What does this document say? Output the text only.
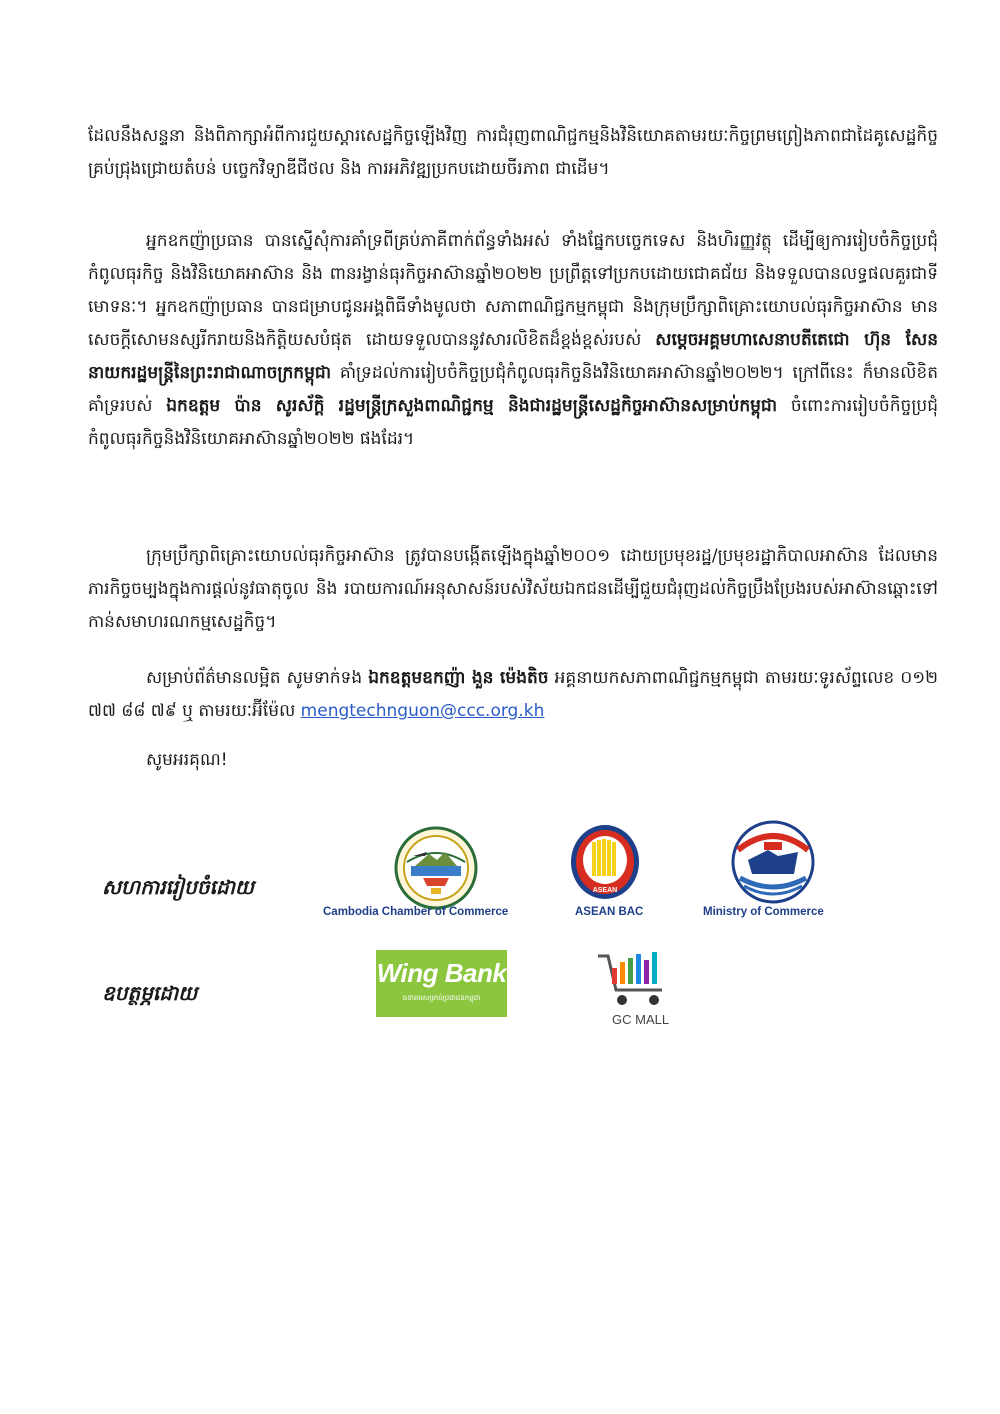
ដែលនឹងសន្ទនា និងពិភាក្សាអំពីការជួយស្តារសេដ្ឋកិច្ចឡើងវិញ ការជំរុញពាណិជ្ជកម្មនិងវិនិយោគតាមរយៈកិច្ចព្រមព្រៀងភាពជាដៃគូសេដ្ឋកិច្ចគ្រប់ជ្រុងជ្រោយតំបន់ បច្ចេកវិទ្យាឌីជីថល និង ការអភិវឌ្ឍប្រកបដោយចីរភាព ជាដើម។

អ្នកឧកញ៉ាប្រធាន បានស្នើសុំការគាំទ្រពីគ្រប់ភាគីពាក់ព័ន្ធទាំងអស់ ទាំងផ្នែកបច្ចេកទេស និងហិរញ្ញវត្ថុ ដើម្បីឲ្យការរៀបចំកិច្ចប្រជុំកំពូលធុរកិច្ច និងវិនិយោគអាស៊ាន និង ពានរង្វាន់ធុរកិច្ចអាស៊ានឆ្នាំ២០២២ ប្រព្រឹត្តទៅប្រកបដោយជោគជ័យ និងទទួលបានលទ្ធផលគួរជាទីមោទនៈ។ អ្នកឧកញ៉ាប្រធាន បានជម្រាបជូនអង្គពិធីទាំងមូលថា សភាពាណិជ្ជកម្មកម្ពុជា និងក្រុមប្រឹក្សាពិគ្រោះយោបល់ធុរកិច្ចអាស៊ាន មានសេចក្តីសោមនស្សរីករាយនិងកិត្តិយសបំផុត ដោយទទួលបាននូវសារលិខិតដ៏ខ្ពង់ខ្ពស់របស់ សម្តេចអគ្គមហាសេនាបតីតេជោ ហ៊ុន សែន នាយករដ្ឋមន្ត្រីនៃព្រះរាជាណាចក្រកម្ពុជា គាំទ្រដល់ការរៀបចំកិច្ចប្រជុំកំពូលធុរកិច្ចនិងវិនិយោគអាស៊ានឆ្នាំ២០២២។ ក្រៅពីនេះ ក៏មានលិខិតគាំទ្ររបស់ ឯកឧត្តម ប៉ាន សូរស័ក្តិ រដ្ឋមន្ត្រីក្រសួងពាណិជ្ជកម្ម និងជារដ្ឋមន្ត្រីសេដ្ឋកិច្ចអាស៊ានសម្រាប់កម្ពុជា ចំពោះការរៀបចំកិច្ចប្រជុំកំពូលធុរកិច្ចនិងវិនិយោគអាស៊ានឆ្នាំ២០២២ ផងដែរ។

ក្រុមប្រឹក្សាពិគ្រោះយោបល់ធុរកិច្ចអាស៊ាន ត្រូវបានបង្កើតឡើងក្នុងឆ្នាំ២០០១ ដោយប្រមុខរដ្ឋ/ប្រមុខរដ្ឋាភិបាលអាស៊ាន ដែលមានភារកិច្ចចម្បងក្នុងការផ្តល់នូវធាតុចូល និង របាយការណ៍អនុសាសន៍របស់វិស័យឯកជនដើម្បីជួយជំរុញដល់កិច្ចប្រឹងប្រែងរបស់អាស៊ានឆ្ពោះទៅកាន់សមាហរណកម្មសេដ្ឋកិច្ច។

សម្រាប់ព័ត៌មានលម្អិត សូមទាក់ទង ឯកឧត្តមឧកញ៉ា ងួន ម៉េងតិច អគ្គនាយកសភាពាណិជ្ជកម្មកម្ពុជា តាមរយៈទូរស័ព្ទលេខ ០១២ ៧៧ ៨៨ ៧៩ ឬ តាមរយៈអ៊ីម៉ែល mengtechnguon@ccc.org.kh

សូមអរគុណ!

សហការរៀបចំដោយ
Cambodia Chamber of Commerce
ASEAN
ASEAN BAC	Ministry of Commerce
ឧបត្ថម្ភដោយ
Wing Bank
ធនាគារសម្រាប់ប្រជាជនកម្ពុជា
GC MALL
